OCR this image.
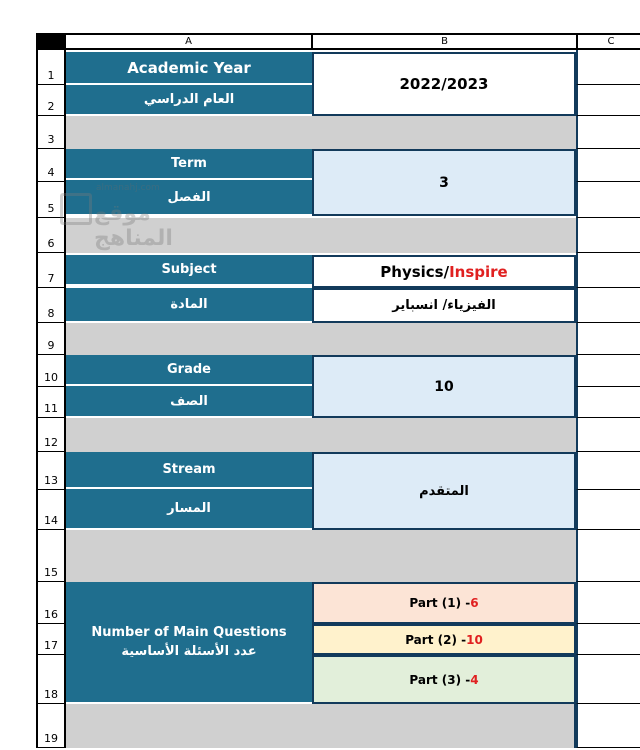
A	B	C
1
2
3
4
5
6
7
8
9
10
11
12
13
14
15
16
17
18
19
Academic Year
العام الدراسي
2022/2023
Term
الفصل
3
Subject
المادة
Physics/ Inspire
الفيزياء/ انسباير
Grade
الصف
10
Stream
المسار
المتقدم
Number of Main Questions
عدد الأسئلة الأساسية
Part (1) - 6
Part (2) - 10
Part (3) - 4
almanahj.com
موقع المناهج
